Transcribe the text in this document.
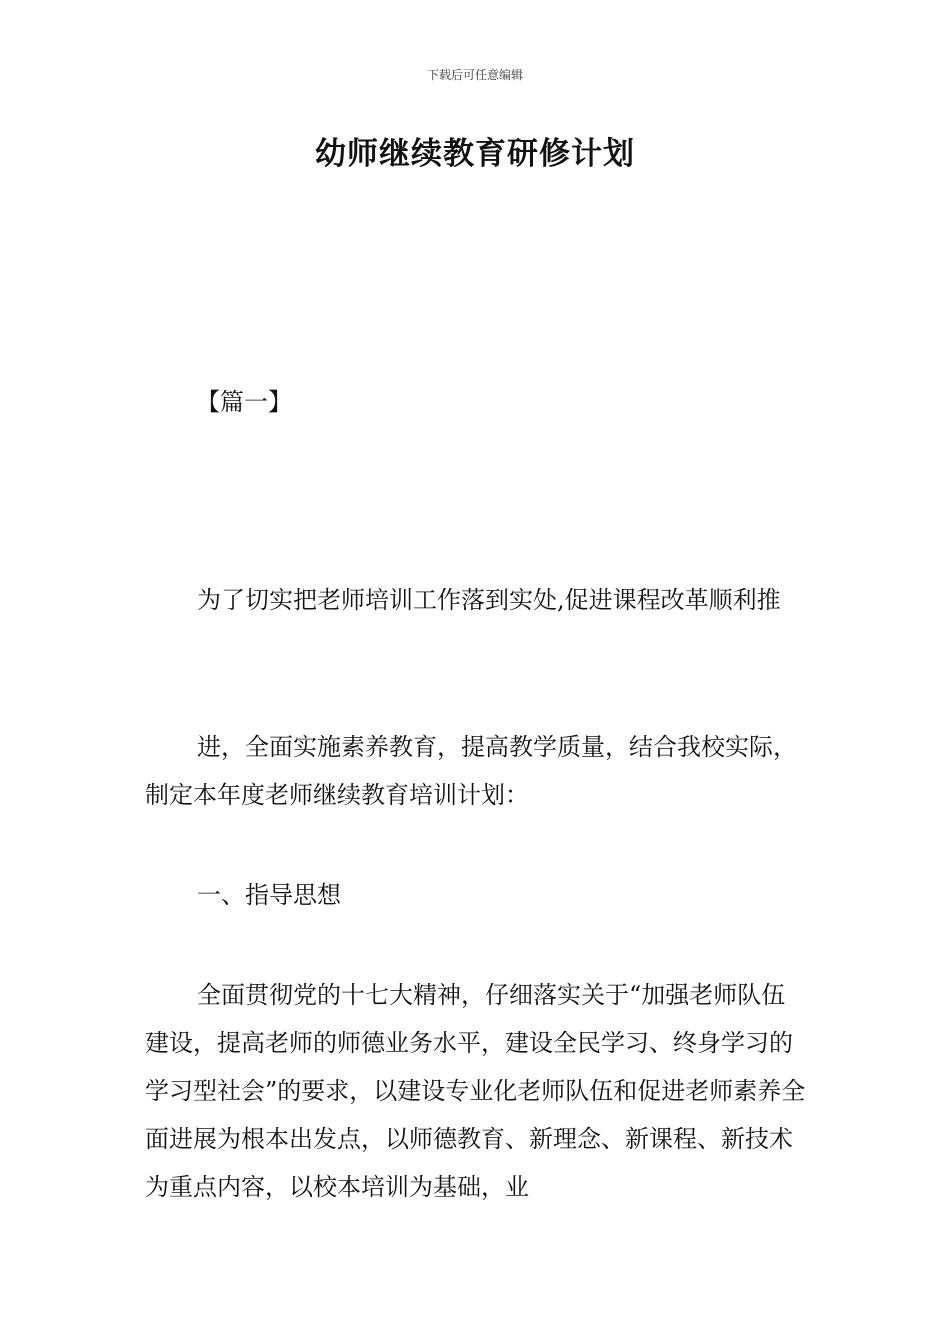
下载后可任意编辑
幼师继续教育研修计划
【篇一】

为了切实把老师培训工作落到实处,促进课程改革顺利推

进，全面实施素养教育，提高教学质量，结合我校实际，制定本年度老师继续教育培训计划：

一、指导思想

全面贯彻党的十七大精神，仔细落实关于“加强老师队伍建设，提高老师的师德业务水平，建设全民学习、终身学习的学习型社会”的要求，以建设专业化老师队伍和促进老师素养全面进展为根本出发点，以师德教育、新理念、新课程、新技术为重点内容，以校本培训为基础，业
